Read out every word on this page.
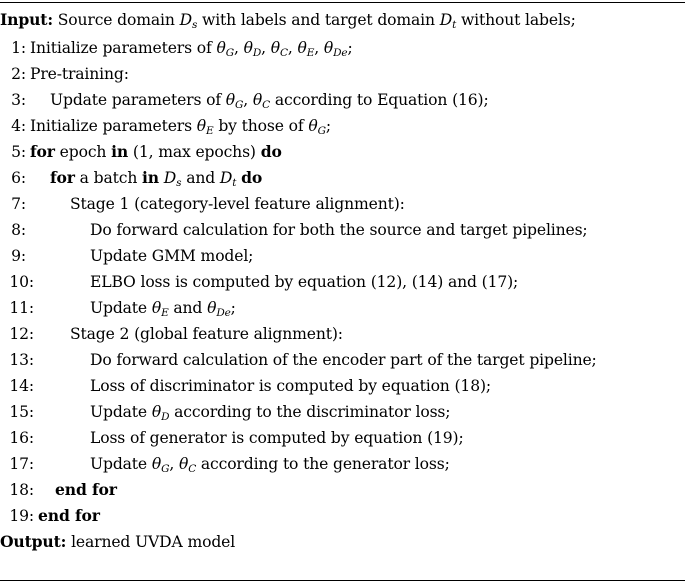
Input: Source domain Ds with labels and target domain Dt without labels;
1: Initialize parameters of θG, θD, θC, θE, θDe;
2: Pre-training:
3: Update parameters of θG, θC according to Equation (16);
4: Initialize parameters θE by those of θG;
5: for epoch in (1, max epochs) do
6: for a batch in Ds and Dt do
7:	Stage 1 (category-level feature alignment):
8:	Do forward calculation for both the source and target pipelines;
9:	Update GMM model;
10:	ELBO loss is computed by equation (12), (14) and (17);
11:	Update θE and θDe;
12: Stage 2 (global feature alignment):
13:	Do forward calculation of the encoder part of the target pipeline;
14:	Loss of discriminator is computed by equation (18);
15:	Update θD according to the discriminator loss;
16:	Loss of generator is computed by equation (19);
17:	Update θG, θC according to the generator loss;
18: end for
19: end for
Output: learned UVDA model
